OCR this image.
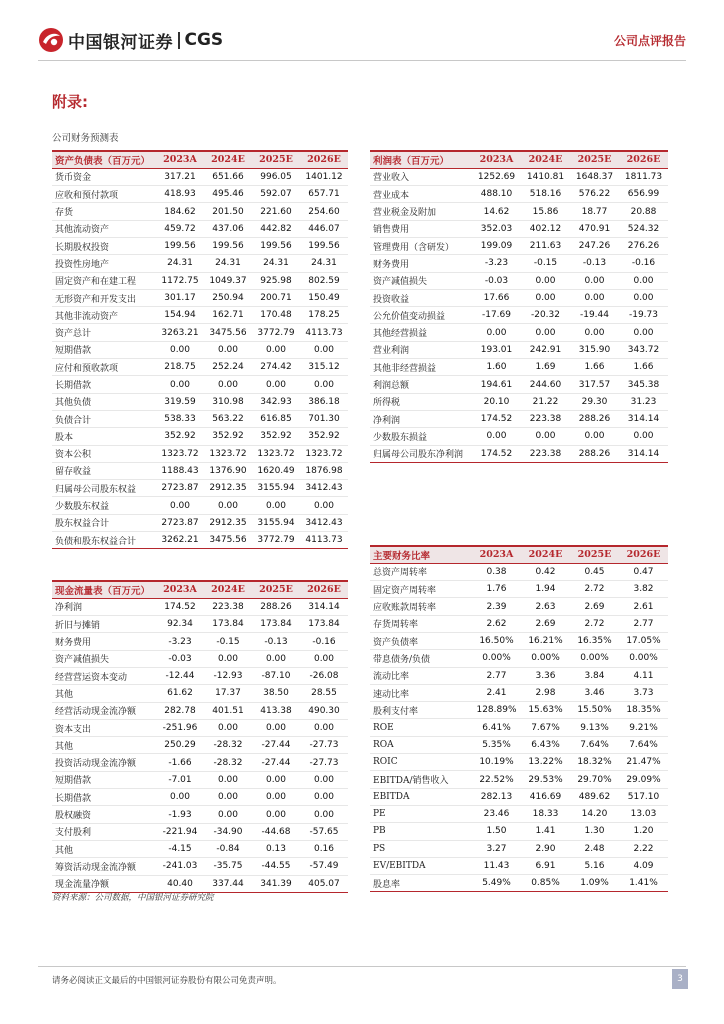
中国银河证券 CGS	公司点评报告
附录:
公司财务预测表
资产负债表（百万元）	2023A	2024E	2025E	2026E
货币资金	317.21	651.66	996.05	1401.12
应收和预付款项	418.93	495.46	592.07	657.71
存货	184.62	201.50	221.60	254.60
其他流动资产	459.72	437.06	442.82	446.07
长期股权投资	199.56	199.56	199.56	199.56
投资性房地产	24.31	24.31	24.31	24.31
固定资产和在建工程	1172.75	1049.37	925.98	802.59
无形资产和开发支出	301.17	250.94	200.71	150.49
其他非流动资产	154.94	162.71	170.48	178.25
资产总计	3263.21	3475.56	3772.79	4113.73
短期借款	0.00	0.00	0.00	0.00
应付和预收款项	218.75	252.24	274.42	315.12
长期借款	0.00	0.00	0.00	0.00
其他负债	319.59	310.98	342.93	386.18
负债合计	538.33	563.22	616.85	701.30
股本	352.92	352.92	352.92	352.92
资本公积	1323.72	1323.72	1323.72	1323.72
留存收益	1188.43	1376.90	1620.49	1876.98
归属母公司股东权益	2723.87	2912.35	3155.94	3412.43
少数股东权益	0.00	0.00	0.00	0.00
股东权益合计	2723.87	2912.35	3155.94	3412.43
负债和股东权益合计	3262.21	3475.56	3772.79	4113.73
利润表（百万元）	2023A	2024E	2025E	2026E
营业收入	1252.69	1410.81	1648.37	1811.73
营业成本	488.10	518.16	576.22	656.99
营业税金及附加	14.62	15.86	18.77	20.88
销售费用	352.03	402.12	470.91	524.32
管理费用（含研发）	199.09	211.63	247.26	276.26
财务费用	-3.23	-0.15	-0.13	-0.16
资产减值损失	-0.03	0.00	0.00	0.00
投资收益	17.66	0.00	0.00	0.00
公允价值变动损益	-17.69	-20.32	-19.44	-19.73
其他经营损益	0.00	0.00	0.00	0.00
营业利润	193.01	242.91	315.90	343.72
其他非经营损益	1.60	1.69	1.66	1.66
利润总额	194.61	244.60	317.57	345.38
所得税	20.10	21.22	29.30	31.23
净利润	174.52	223.38	288.26	314.14
少数股东损益	0.00	0.00	0.00	0.00
归属母公司股东净利润	174.52	223.38	288.26	314.14
现金流量表（百万元）	2023A	2024E	2025E	2026E
净利润	174.52	223.38	288.26	314.14
折旧与摊销	92.34	173.84	173.84	173.84
财务费用	-3.23	-0.15	-0.13	-0.16
资产减值损失	-0.03	0.00	0.00	0.00
经营营运资本变动	-12.44	-12.93	-87.10	-26.08
其他	61.62	17.37	38.50	28.55
经营活动现金流净额	282.78	401.51	413.38	490.30
资本支出	-251.96	0.00	0.00	0.00
其他	250.29	-28.32	-27.44	-27.73
投资活动现金流净额	-1.66	-28.32	-27.44	-27.73
短期借款	-7.01	0.00	0.00	0.00
长期借款	0.00	0.00	0.00	0.00
股权融资	-1.93	0.00	0.00	0.00
支付股利	-221.94	-34.90	-44.68	-57.65
其他	-4.15	-0.84	0.13	0.16
筹资活动现金流净额	-241.03	-35.75	-44.55	-57.49
现金流量净额	40.40	337.44	341.39	405.07
主要财务比率	2023A	2024E	2025E	2026E
总资产周转率	0.38	0.42	0.45	0.47
固定资产周转率	1.76	1.94	2.72	3.82
应收账款周转率	2.39	2.63	2.69	2.61
存货周转率	2.62	2.69	2.72	2.77
资产负债率	16.50%	16.21%	16.35%	17.05%
带息债务/负债	0.00%	0.00%	0.00%	0.00%
流动比率	2.77	3.36	3.84	4.11
速动比率	2.41	2.98	3.46	3.73
股利支付率	128.89%	15.63%	15.50%	18.35%
ROE	6.41%	7.67%	9.13%	9.21%
ROA	5.35%	6.43%	7.64%	7.64%
ROIC	10.19%	13.22%	18.32%	21.47%
EBITDA/销售收入	22.52%	29.53%	29.70%	29.09%
EBITDA	282.13	416.69	489.62	517.10
PE	23.46	18.33	14.20	13.03
PB	1.50	1.41	1.30	1.20
PS	3.27	2.90	2.48	2.22
EV/EBITDA	11.43	6.91	5.16	4.09
股息率	5.49%	0.85%	1.09%	1.41%
资料来源：公司数据，中国银河证券研究院
请务必阅读正文最后的中国银河证券股份有限公司免责声明。	3
